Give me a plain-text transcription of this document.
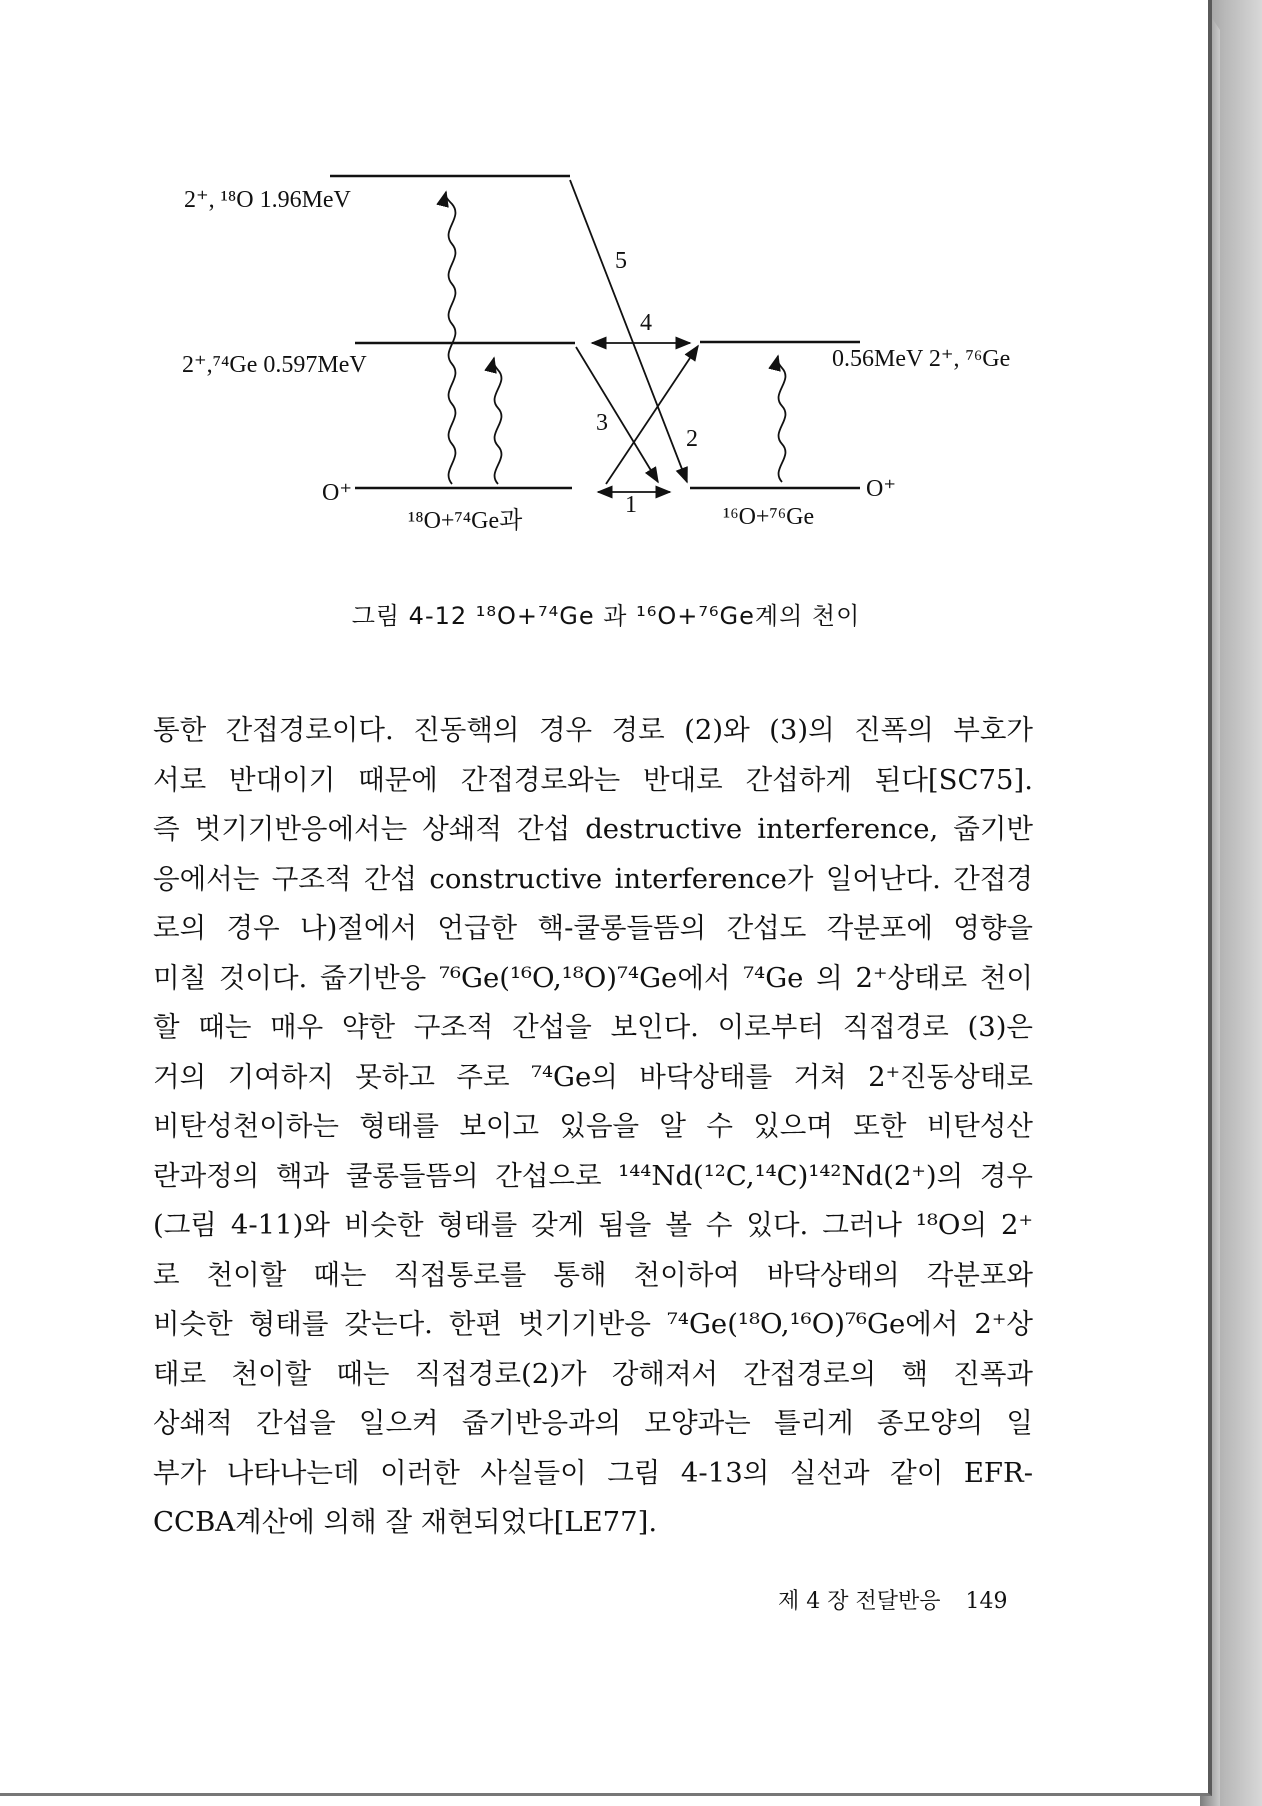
5
4
3
2
1
2⁺, ¹⁸O 1.96MeV
2⁺,⁷⁴Ge 0.597MeV
O⁺
0.56MeV 2⁺, ⁷⁶Ge
O⁺
¹⁸O+⁷⁴Ge과	¹⁶O+⁷⁶Ge
그림 4-12 ¹⁸O+⁷⁴Ge 과 ¹⁶O+⁷⁶Ge계의 천이
통한 간접경로이다. 진동핵의 경우 경로 (2)와 (3)의 진폭의 부호가
서로 반대이기 때문에 간접경로와는 반대로 간섭하게 된다[SC75].
즉 벗기기반응에서는 상쇄적 간섭 destructive interference, 줍기반
응에서는 구조적 간섭 constructive interference가 일어난다. 간접경
로의 경우 나)절에서 언급한 핵-쿨롱들뜸의 간섭도 각분포에 영향을
미칠 것이다. 줍기반응 ⁷⁶Ge(¹⁶O,¹⁸O)⁷⁴Ge에서 ⁷⁴Ge 의 2⁺상태로 천이
할 때는 매우 약한 구조적 간섭을 보인다. 이로부터 직접경로 (3)은
거의 기여하지 못하고 주로 ⁷⁴Ge의 바닥상태를 거쳐 2⁺진동상태로
비탄성천이하는 형태를 보이고 있음을 알 수 있으며 또한 비탄성산
란과정의 핵과 쿨롱들뜸의 간섭으로 ¹⁴⁴Nd(¹²C,¹⁴C)¹⁴²Nd(2⁺)의 경우
(그림 4-11)와 비슷한 형태를 갖게 됨을 볼 수 있다. 그러나 ¹⁸O의 2⁺
로 천이할 때는 직접통로를 통해 천이하여 바닥상태의 각분포와
비슷한 형태를 갖는다. 한편 벗기기반응 ⁷⁴Ge(¹⁸O,¹⁶O)⁷⁶Ge에서 2⁺상
태로 천이할 때는 직접경로(2)가 강해져서 간접경로의 핵 진폭과
상쇄적 간섭을 일으켜 줍기반응과의 모양과는 틀리게 종모양의 일
부가 나타나는데 이러한 사실들이 그림 4-13의 실선과 같이 EFR-
CCBA계산에 의해 잘 재현되었다[LE77].
제 4 장 전달반응 149
